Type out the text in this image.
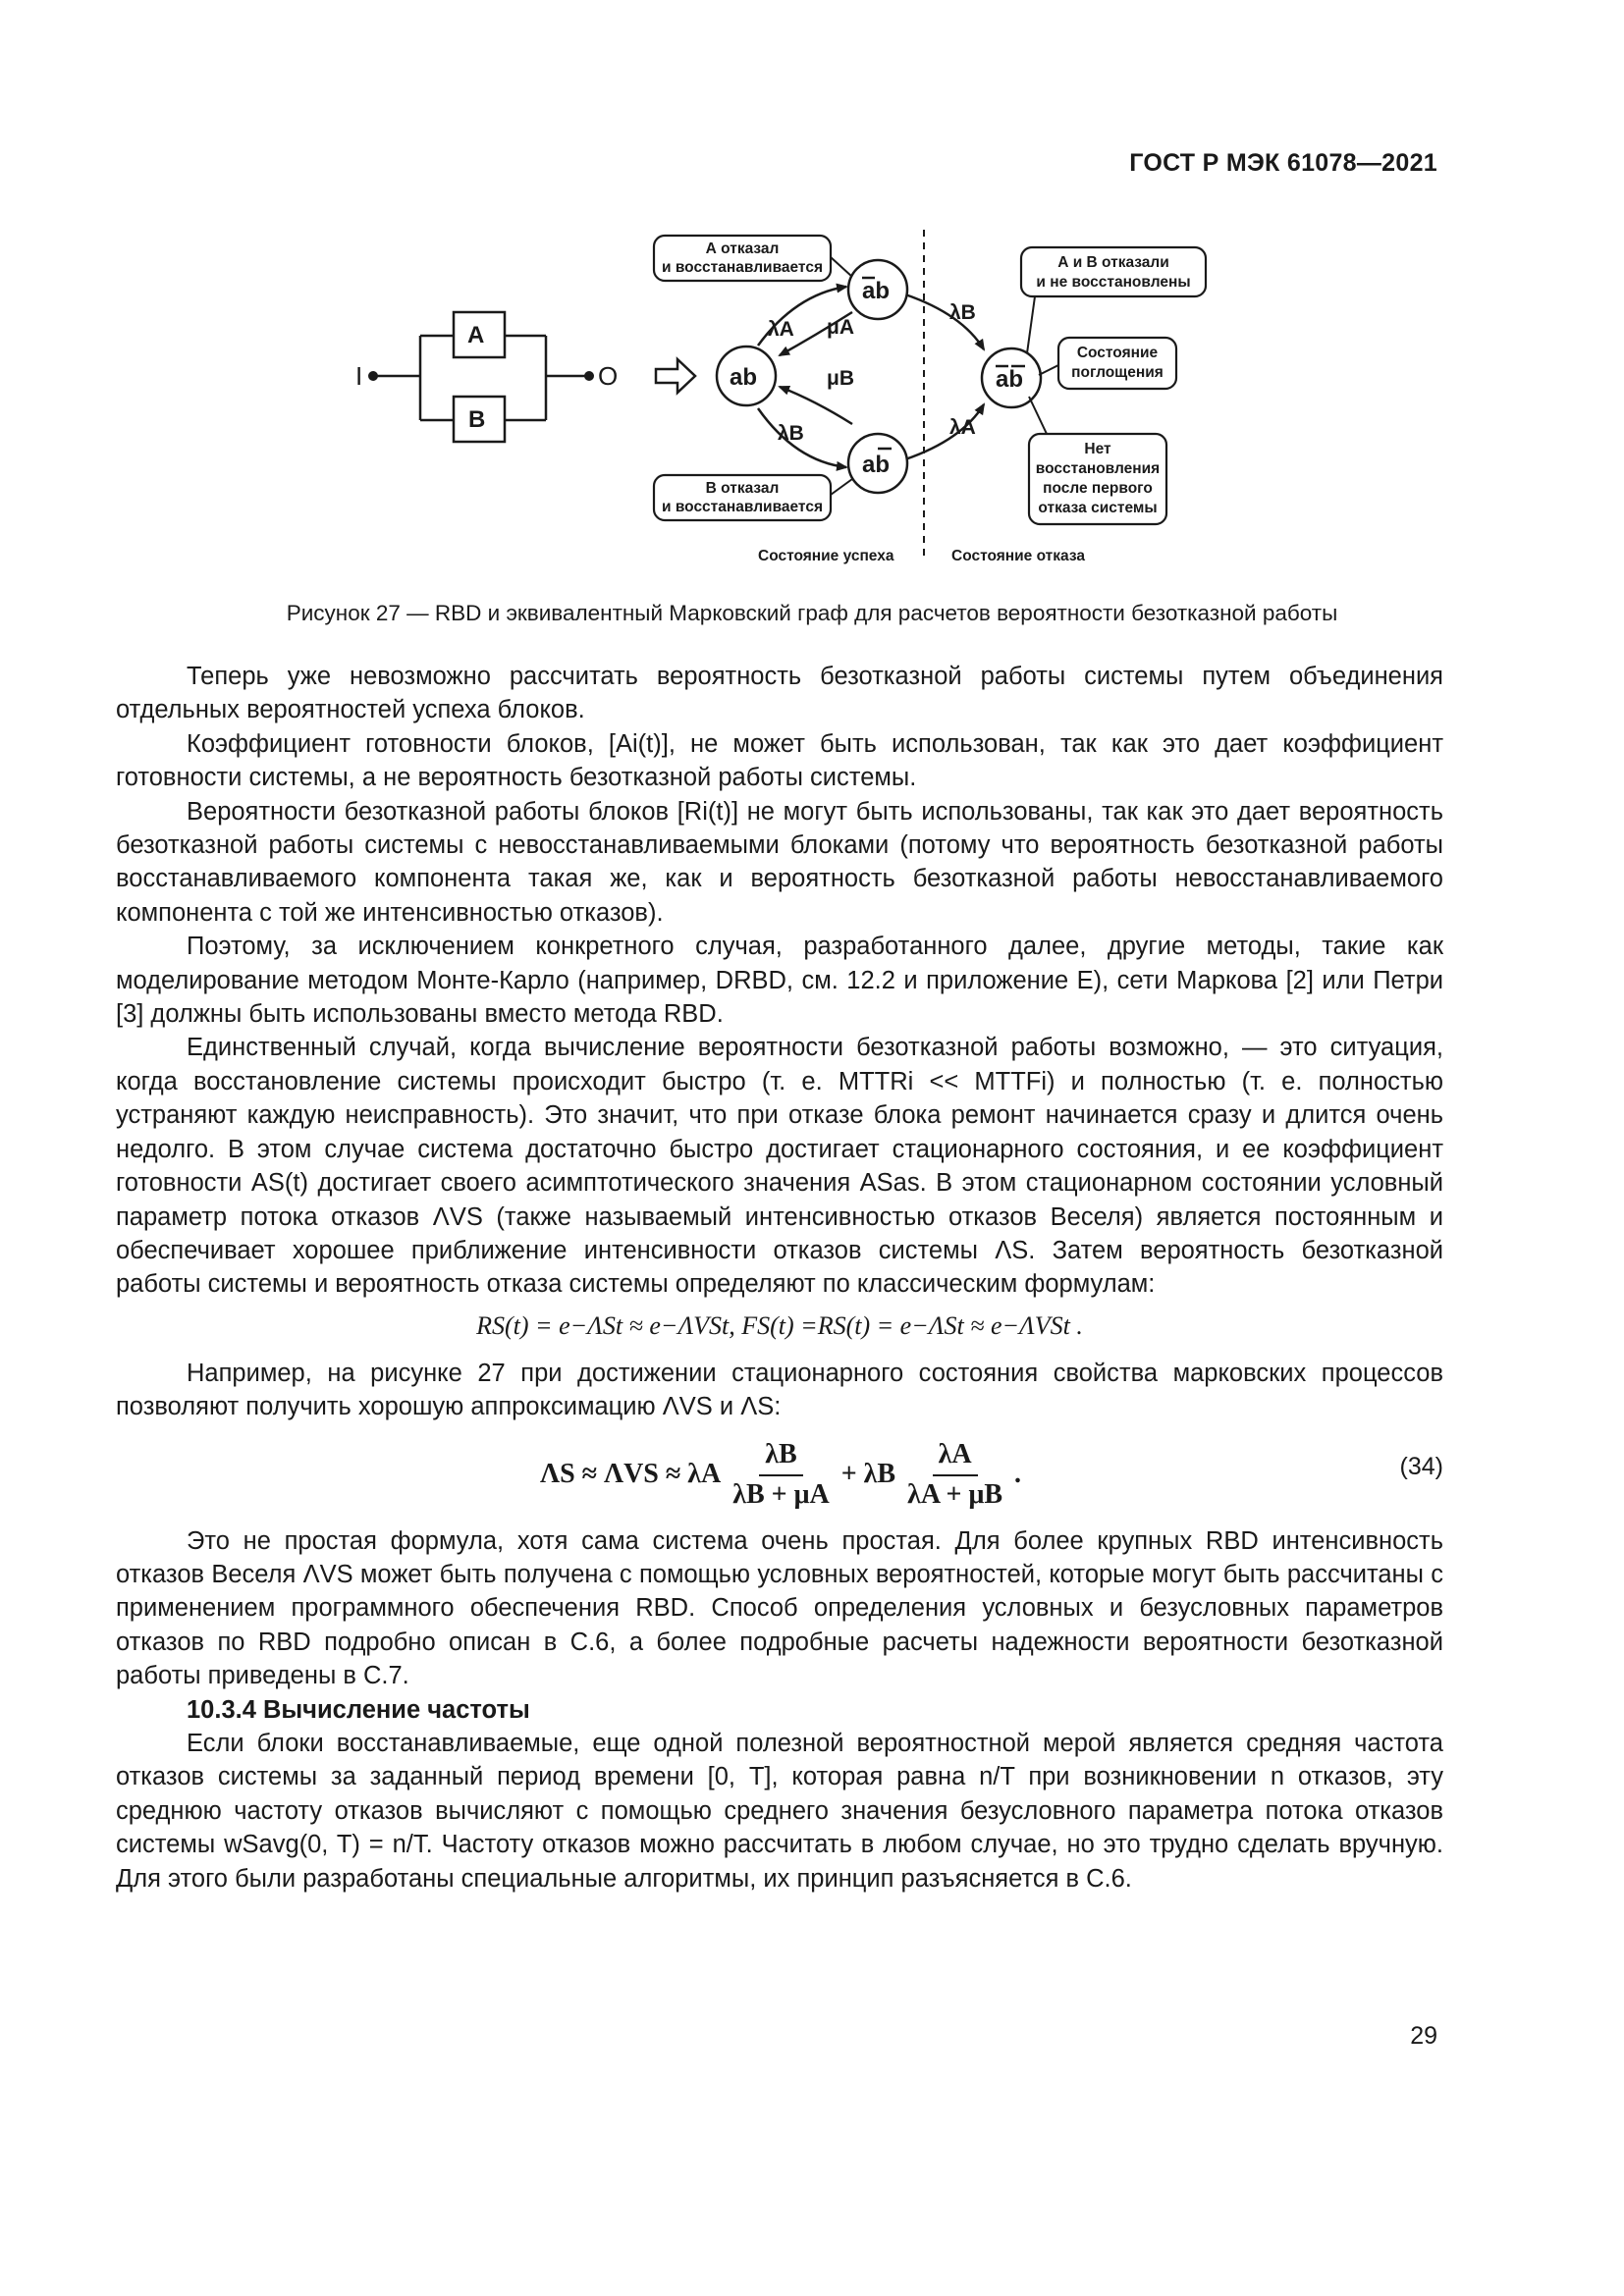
ГОСТ Р МЭК 61078—2021
I	O
A
B
ab
ab
ab
ab
λA μA
μB
λB
λB
λA
А отказал
и восстанавливается
В отказал
и восстанавливается
А и В отказали
и не восстановлены
Состояние
поглощения
Нет
восстановления
после первого
отказа системы
Состояние успеха	Состояние отказа
Рисунок 27 — RBD и эквивалентный Марковский граф для расчетов вероятности безотказной работы

Теперь уже невозможно рассчитать вероятность безотказной работы системы путем объединения отдельных вероятностей успеха блоков.

Коэффициент готовности блоков, [Ai(t)], не может быть использован, так как это дает коэффициент готовности системы, а не вероятность безотказной работы системы.

Вероятности безотказной работы блоков [Ri(t)] не могут быть использованы, так как это дает вероятность безотказной работы системы с невосстанавливаемыми блоками (потому что вероятность безотказной работы восстанавливаемого компонента такая же, как и вероятность безотказной работы невосстанавливаемого компонента с той же интенсивностью отказов).

Поэтому, за исключением конкретного случая, разработанного далее, другие методы, такие как моделирование методом Монте-Карло (например, DRBD, см. 12.2 и приложение Е), сети Маркова [2] или Петри [3] должны быть использованы вместо метода RBD.

Единственный случай, когда вычисление вероятности безотказной работы возможно, — это ситуация, когда восстановление системы происходит быстро (т. е. MTTRi << MTTFi) и полностью (т. е. полностью устраняют каждую неисправность). Это значит, что при отказе блока ремонт начинается сразу и длится очень недолго. В этом случае система достаточно быстро достигает стационарного состояния, и ее коэффициент готовности AS(t) достигает своего асимптотического значения ASas. В этом стационарном состоянии условный параметр потока отказов ΛVS (также называемый интенсивностью отказов Веселя) является постоянным и обеспечивает хорошее приближение интенсивности отказов системы ΛS. Затем вероятность безотказной работы системы и вероятность отказа системы определяют по классическим формулам:

RS(t) = e−ΛSt ≈ e−ΛVSt, FS(t) =RS(t) = e−ΛSt ≈ e−ΛVSt .

Например, на рисунке 27 при достижении стационарного состояния свойства марковских процессов позволяют получить хорошую аппроксимацию ΛVS и ΛS:

ΛS ≈ ΛVS ≈ λA $\frac{\lambda B}{\lambda B + \mu A} + \lambda B \frac{\lambda A}{\lambda A + \mu B}$ .	(34)

Это не простая формула, хотя сама система очень простая. Для более крупных RBD интенсивность отказов Веселя ΛVS может быть получена с помощью условных вероятностей, которые могут быть рассчитаны с применением программного обеспечения RBD. Способ определения условных и безусловных параметров отказов по RBD подробно описан в С.6, а более подробные расчеты надежности вероятности безотказной работы приведены в С.7.

10.3.4 Вычисление частоты

Если блоки восстанавливаемые, еще одной полезной вероятностной мерой является средняя частота отказов системы за заданный период времени [0, T], которая равна n/T при возникновении n отказов, эту среднюю частоту отказов вычисляют с помощью среднего значения безусловного параметра потока отказов системы wSavg(0, T) = n/T. Частоту отказов можно рассчитать в любом случае, но это трудно сделать вручную. Для этого были разработаны специальные алгоритмы, их принцип разъясняется в С.6.

29
